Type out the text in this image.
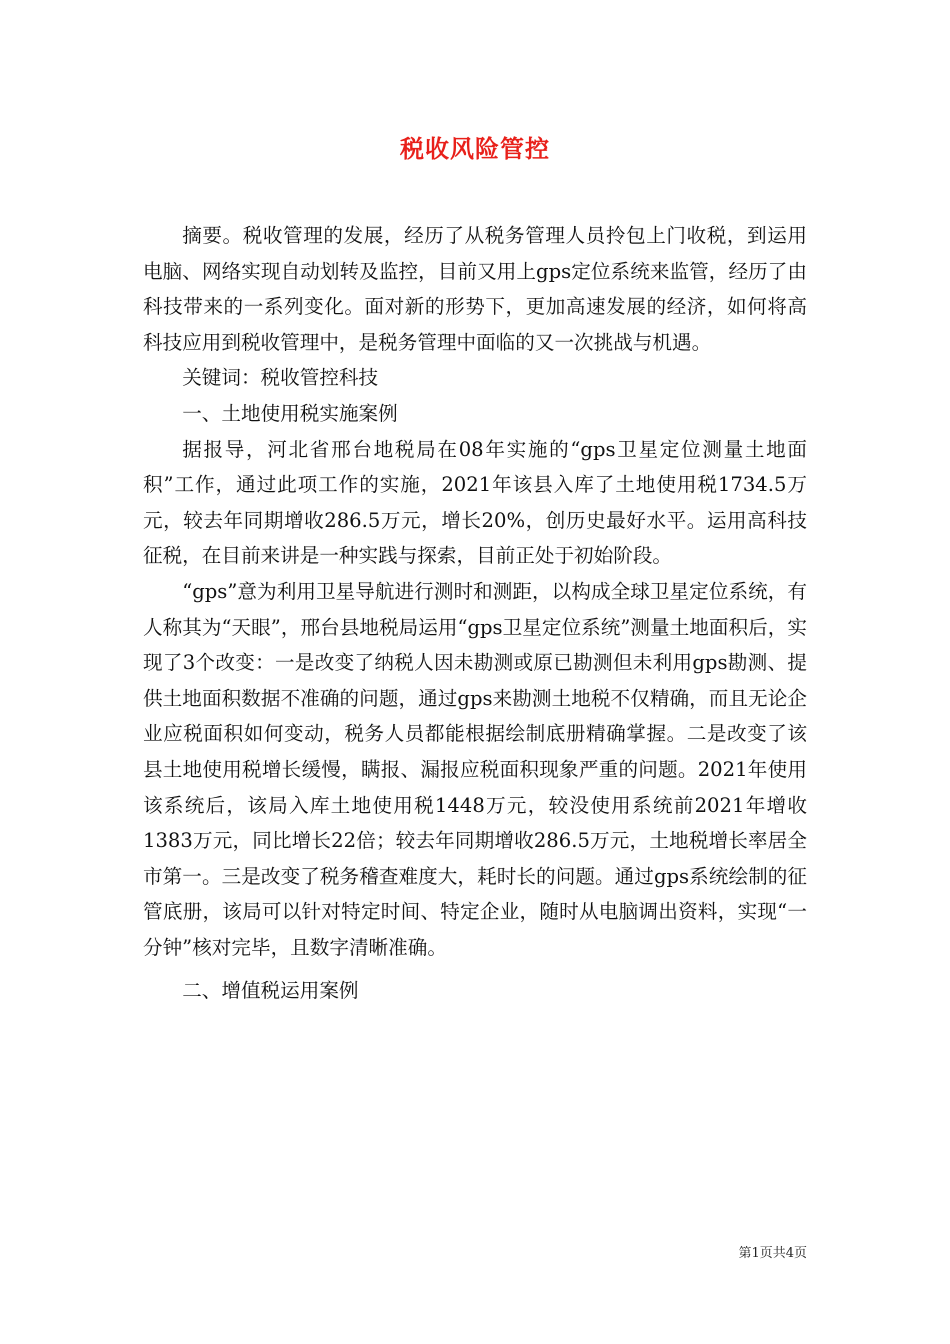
税收风险管控

摘要。税收管理的发展，经历了从税务管理人员拎包上门收税，到运用电脑、网络实现自动划转及监控，目前又用上gps定位系统来监管，经历了由科技带来的一系列变化。面对新的形势下，更加高速发展的经济，如何将高科技应用到税收管理中，是税务管理中面临的又一次挑战与机遇。

关键词：税收管控科技

一、土地使用税实施案例

据报导，河北省邢台地税局在08年实施的“gps卫星定位测量土地面积”工作，通过此项工作的实施，2021年该县入库了土地使用税1734.5万元，较去年同期增收286.5万元，增长20%，创历史最好水平。运用高科技征税，在目前来讲是一种实践与探索，目前正处于初始阶段。

“gps”意为利用卫星导航进行测时和测距，以构成全球卫星定位系统，有人称其为“天眼”，邢台县地税局运用“gps卫星定位系统”测量土地面积后，实现了3个改变：一是改变了纳税人因未勘测或原已勘测但未利用gps勘测、提供土地面积数据不准确的问题，通过gps来勘测土地税不仅精确，而且无论企业应税面积如何变动，税务人员都能根据绘制底册精确掌握。二是改变了该县土地使用税增长缓慢，瞒报、漏报应税面积现象严重的问题。2021年使用该系统后，该局入库土地使用税1448万元，较没使用系统前2021年增收1383万元，同比增长22倍；较去年同期增收286.5万元，土地税增长率居全市第一。三是改变了税务稽查难度大，耗时长的问题。通过gps系统绘制的征管底册，该局可以针对特定时间、特定企业，随时从电脑调出资料，实现“一分钟”核对完毕，且数字清晰准确。

二、增值税运用案例

第1页共4页
